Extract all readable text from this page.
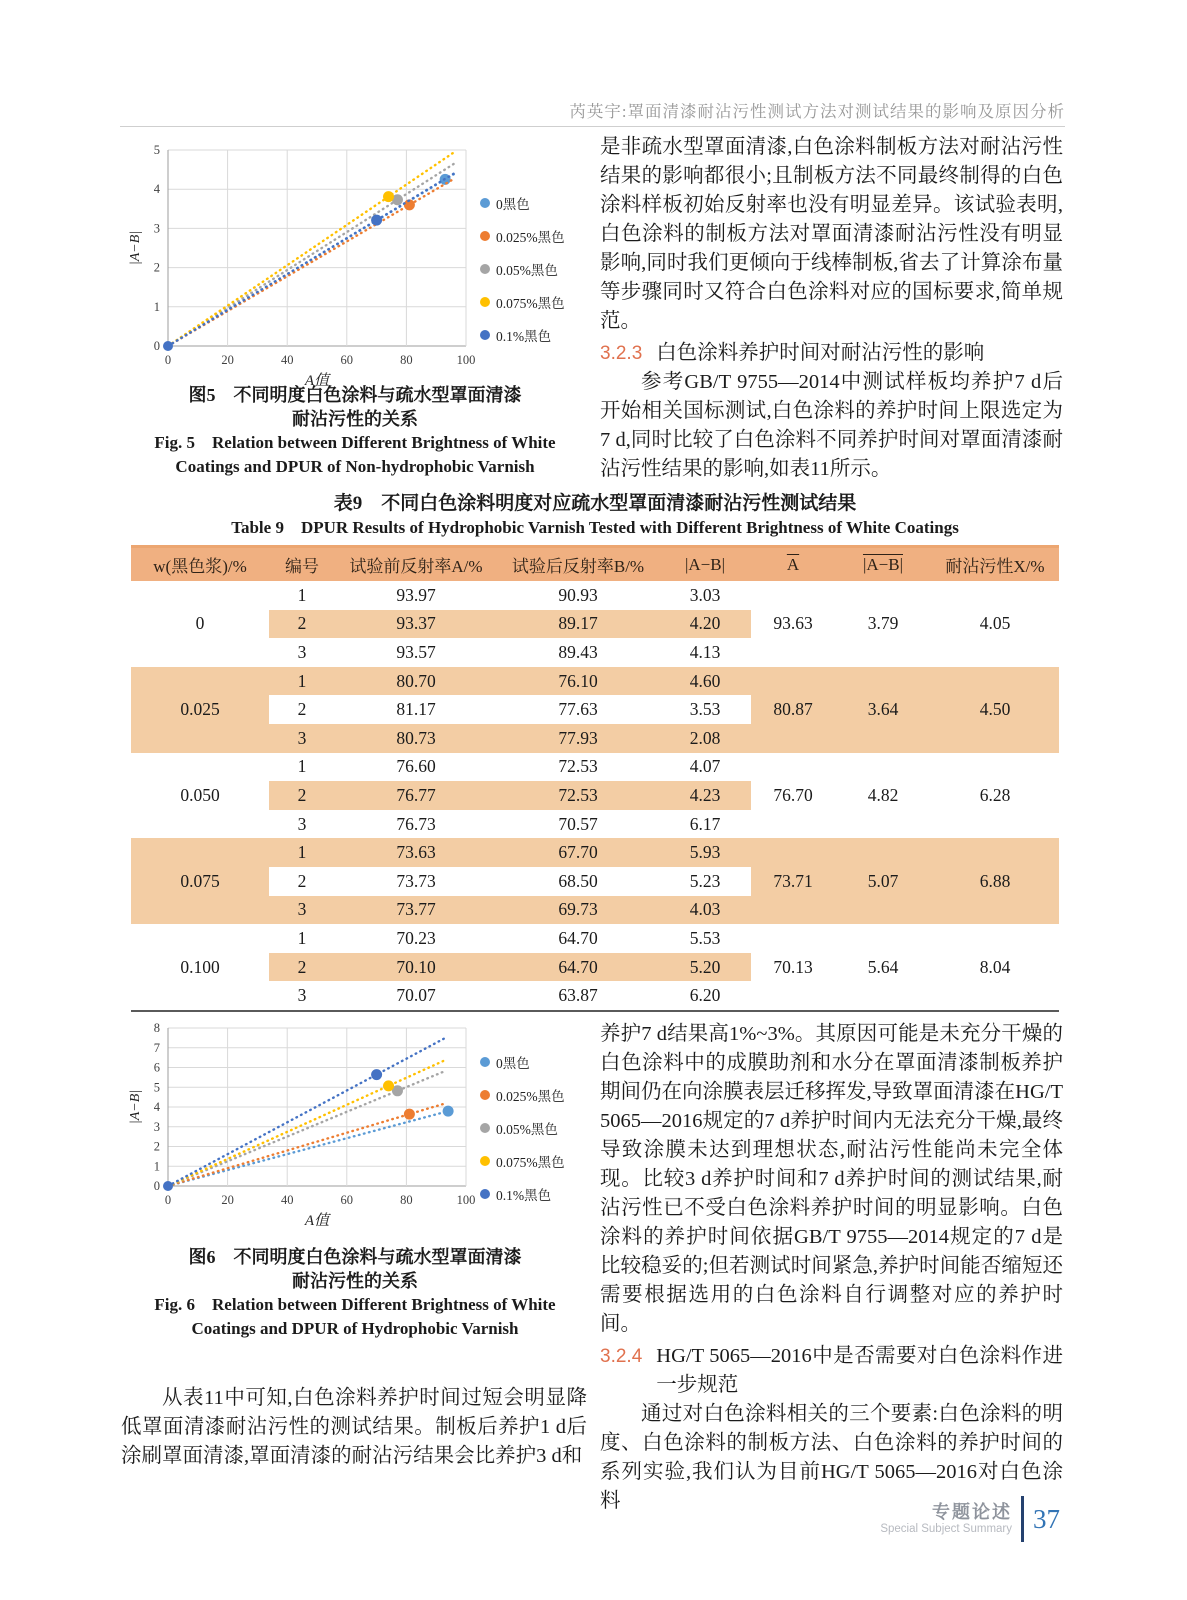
芮英宇:罩面清漆耐沾污性测试方法对测试结果的影响及原因分析
0
1
2
3
4
5
0	20	40	60	80	100
A值
|A−B|
0黑色
0.025%黑色
0.05%黑色
0.075%黑色
0.1%黑色
图5　不同明度白色涂料与疏水型罩面清漆
耐沾污性的关系
Fig. 5　Relation between Different Brightness of White
Coatings and DPUR of Non-hydrophobic Varnish

是非疏水型罩面清漆,白色涂料制板方法对耐沾污性结果的影响都很小;且制板方法不同最终制得的白色涂料样板初始反射率也没有明显差异。该试验表明,白色涂料的制板方法对罩面清漆耐沾污性没有明显影响,同时我们更倾向于线棒制板,省去了计算涂布量等步骤同时又符合白色涂料对应的国标要求,简单规范。

3.2.3 白色涂料养护时间对耐沾污性的影响

参考GB/T 9755—2014中测试样板均养护7 d后开始相关国标测试,白色涂料的养护时间上限选定为7 d,同时比较了白色涂料不同养护时间对罩面清漆耐沾污性结果的影响,如表11所示。

表9　不同白色涂料明度对应疏水型罩面清漆耐沾污性测试结果
Table 9　DPUR Results of Hydrophobic Varnish Tested with Different Brightness of White Coatings
w(黑色浆)/%	编号	试验前反射率A/%	试验后反射率B/%	|A−B|	$\overline{A}$	|A−B|	耐沾污性X/%
0	1	93.97	90.93	3.03	93.63	3.79	4.05
	2	93.37	89.17	4.20			
	3	93.57	89.43	4.13			
0.025	1	80.70	76.10	4.60	80.87	3.64	4.50
	2	81.17	77.63	3.53			
	3	80.73	77.93	2.08			
0.050	1	76.60	72.53	4.07	76.70	4.82	6.28
	2	76.77	72.53	4.23			
	3	76.73	70.57	6.17			
0.075	1	73.63	67.70	5.93	73.71	5.07	6.88
	2	73.73	68.50	5.23			
	3	73.77	69.73	4.03			
0.100	1	70.23	64.70	5.53	70.13	5.64	8.04
	2	70.10	64.70	5.20			
	3	70.07	63.87	6.20			
0
1
2
3
4
5
6
7
8
0	20	40	60	80	100
A值
|A−B|
0黑色
0.025%黑色
0.05%黑色
0.075%黑色
0.1%黑色
图6　不同明度白色涂料与疏水型罩面清漆
耐沾污性的关系
Fig. 6　Relation between Different Brightness of White
Coatings and DPUR of Hydrophobic Varnish

从表11中可知,白色涂料养护时间过短会明显降低罩面清漆耐沾污性的测试结果。制板后养护1 d后涂刷罩面清漆,罩面清漆的耐沾污结果会比养护3 d和

养护7 d结果高1%~3%。其原因可能是未充分干燥的白色涂料中的成膜助剂和水分在罩面清漆制板养护期间仍在向涂膜表层迁移挥发,导致罩面清漆在HG/T 5065—2016规定的7 d养护时间内无法充分干燥,最终导致涂膜未达到理想状态,耐沾污性能尚未完全体现。比较3 d养护时间和7 d养护时间的测试结果,耐沾污性已不受白色涂料养护时间的明显影响。白色涂料的养护时间依据GB/T 9755—2014规定的7 d是比较稳妥的;但若测试时间紧急,养护时间能否缩短还需要根据选用的白色涂料自行调整对应的养护时间。

3.2.4 HG/T 5065—2016中是否需要对白色涂料作进一步规范

通过对白色涂料相关的三个要素:白色涂料的明度、白色涂料的制板方法、白色涂料的养护时间的系列实验,我们认为目前HG/T 5065—2016对白色涂料	专题论述
Special Subject Summary 37
